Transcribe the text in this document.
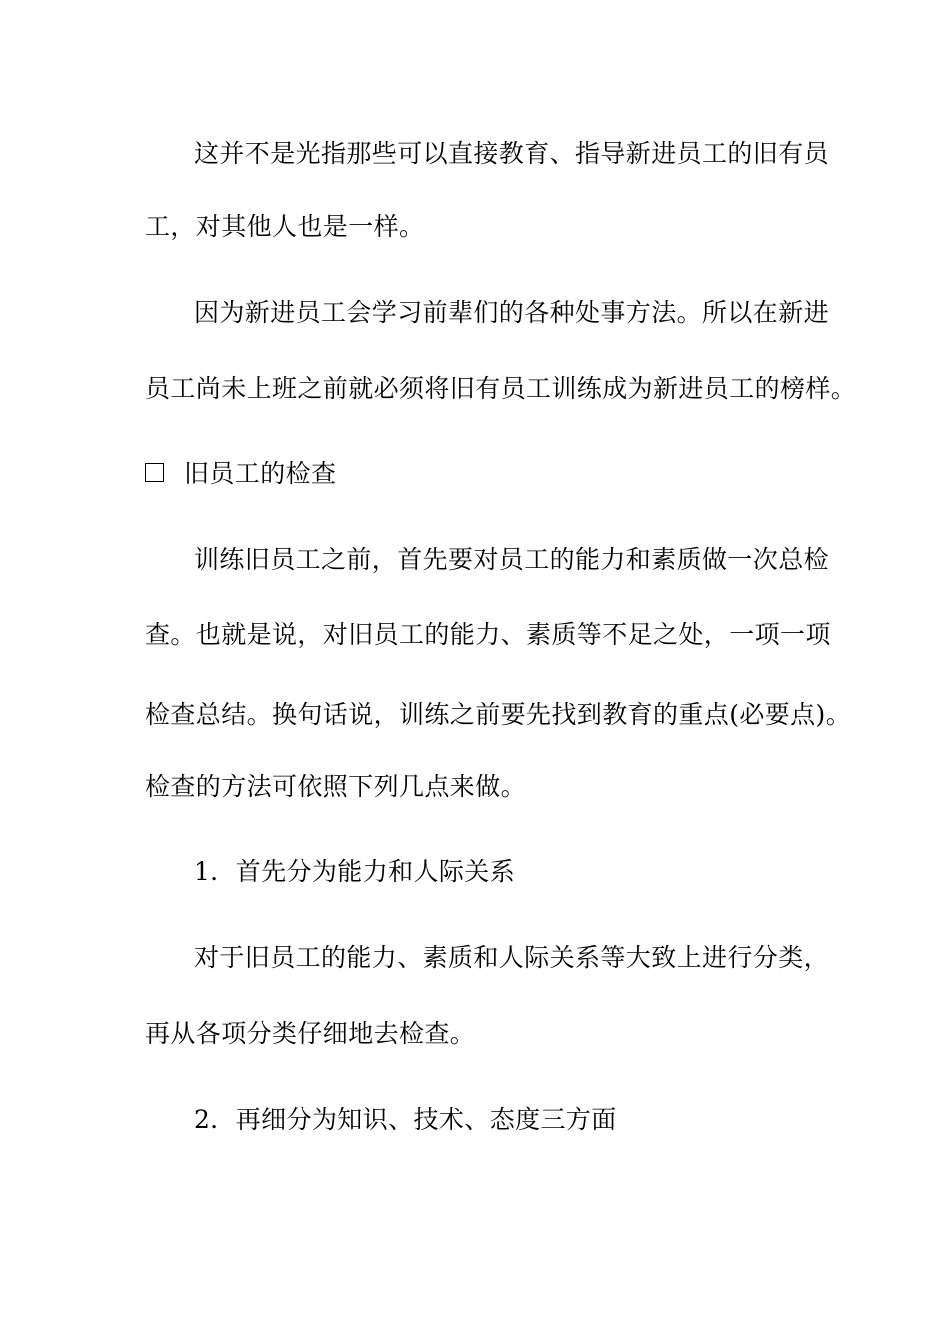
这并不是光指那些可以直接教育、指导新进员工的旧有员
工，对其他人也是一样。
因为新进员工会学习前辈们的各种处事方法。所以在新进
员工尚未上班之前就必须将旧有员工训练成为新进员工的榜样。
旧员工的检查
训练旧员工之前，首先要对员工的能力和素质做一次总检
查。也就是说，对旧员工的能力、素质等不足之处，一项一项
检查总结。换句话说，训练之前要先找到教育的重点(必要点)。
检查的方法可依照下列几点来做。
1．首先分为能力和人际关系
对于旧员工的能力、素质和人际关系等大致上进行分类，
再从各项分类仔细地去检查。
2．再细分为知识、技术、态度三方面
